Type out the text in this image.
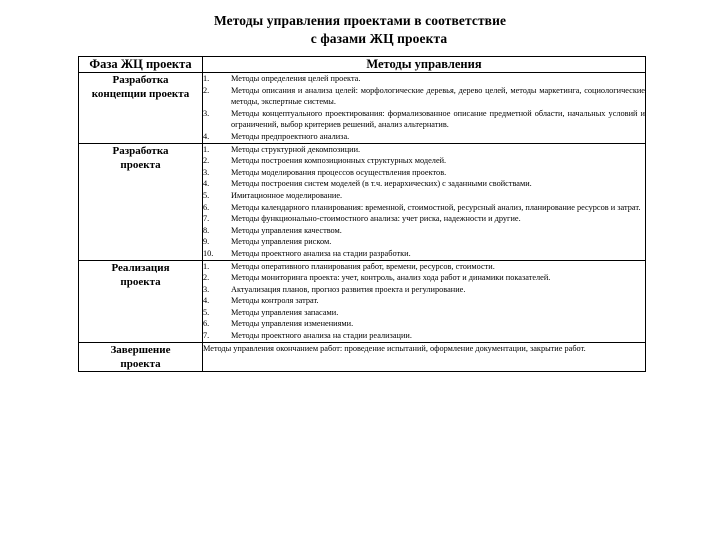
Методы управления проектами в соответствие
с фазами ЖЦ проекта
Фаза ЖЦ проекта	Методы управления

Разработка
концепции проекта

1.	Методы определения целей проекта.
2.	Методы описания и анализа целей: морфологические деревья, дерево целей, методы маркетинга, социологические методы, экспертные системы.
3.	Методы концептуального проектирования: формализованное описание предметной области, начальных условий и ограничений, выбор критериев решений, анализ альтернатив.
4.	Методы предпроектного анализа.

Разработка
проекта

1.	Методы структурной декомпозиции.
2.	Методы построения композиционных структурных моделей.
3.	Методы моделирования процессов осуществления проектов.
4.	Методы построения систем моделей (в т.ч. иерархических) с заданными свойствами.
5.	Имитационное моделирование.
6.	Методы календарного планирования: временной, стоимостной, ресурсный анализ, планирование ресурсов и затрат.
7.	Методы функционально-стоимостного анализа: учет риска, надежности и другие.
8.	Методы управления качеством.
9.	Методы управления риском.
10.	Методы проектного анализа на стадии разработки.

Реализация
проекта

1.	Методы оперативного планирования работ, времени, ресурсов, стоимости.
2.	Методы мониторинга проекта: учет, контроль, анализ хода работ и динамики показателей.
3.	Актуализация планов, прогноз развития проекта и регулирование.
4.	Методы контроля затрат.
5.	Методы управления запасами.
6.	Методы управления изменениями.
7.	Методы проектного анализа на стадии реализации.

Завершение
проекта	Методы управления окончанием работ: проведение испытаний, оформление документации, закрытие работ.
